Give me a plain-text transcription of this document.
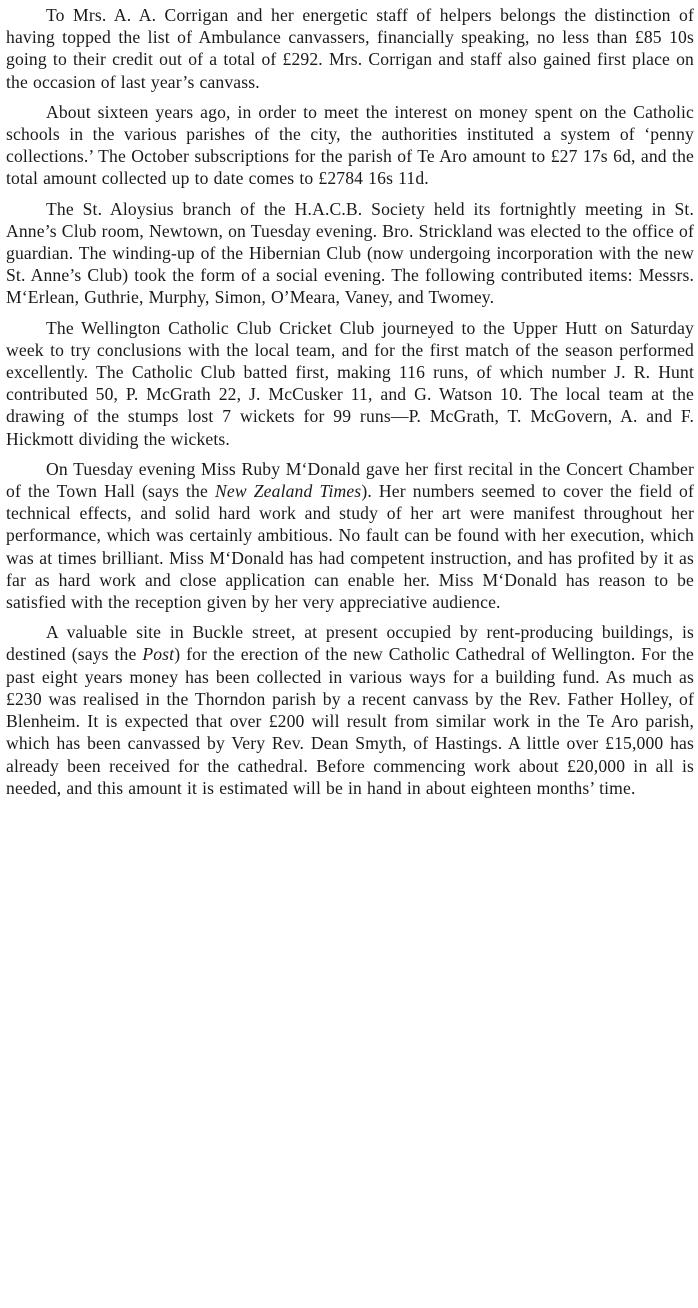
To Mrs. A. A. Corrigan and her energetic staff of helpers belongs the distinction of having topped the list of Ambulance canvassers, financially speaking, no less than £85 10s going to their credit out of a total of £292. Mrs. Corrigan and staff also gained first place on the occasion of last year’s canvass.

About sixteen years ago, in order to meet the interest on money spent on the Catholic schools in the various parishes of the city, the authorities instituted a system of ‘penny collections.’ The October subscriptions for the parish of Te Aro amount to £27 17s 6d, and the total amount collected up to date comes to £2784 16s 11d.

The St. Aloysius branch of the H.A.C.B. Society held its fortnightly meeting in St. Anne’s Club room, Newtown, on Tuesday evening. Bro. Strickland was elected to the office of guardian. The winding-up of the Hibernian Club (now undergoing incorporation with the new St. Anne’s Club) took the form of a social evening. The following contributed items: Messrs. M‘Erlean, Guthrie, Murphy, Simon, O’Meara, Vaney, and Twomey.

The Wellington Catholic Club Cricket Club journeyed to the Upper Hutt on Saturday week to try conclusions with the local team, and for the first match of the season performed excellently. The Catholic Club batted first, making 116 runs, of which number J. R. Hunt contributed 50, P. McGrath 22, J. McCusker 11, and G. Watson 10. The local team at the drawing of the stumps lost 7 wickets for 99 runs—P. McGrath, T. McGovern, A. and F. Hickmott dividing the wickets.

On Tuesday evening Miss Ruby M‘Donald gave her first recital in the Concert Chamber of the Town Hall (says the New Zealand Times). Her numbers seemed to cover the field of technical effects, and solid hard work and study of her art were manifest throughout her performance, which was certainly ambitious. No fault can be found with her execution, which was at times brilliant. Miss M‘Donald has had competent instruction, and has profited by it as far as hard work and close application can enable her. Miss M‘Donald has reason to be satisfied with the reception given by her very appreciative audience.

A valuable site in Buckle street, at present occupied by rent-producing buildings, is destined (says the Post) for the erection of the new Catholic Cathedral of Wellington. For the past eight years money has been collected in various ways for a building fund. As much as £230 was realised in the Thorndon parish by a recent canvass by the Rev. Father Holley, of Blenheim. It is expected that over £200 will result from similar work in the Te Aro parish, which has been canvassed by Very Rev. Dean Smyth, of Hastings. A little over £15,000 has already been received for the cathedral. Before commencing work about £20,000 in all is needed, and this amount it is estimated will be in hand in about eighteen months’ time.
